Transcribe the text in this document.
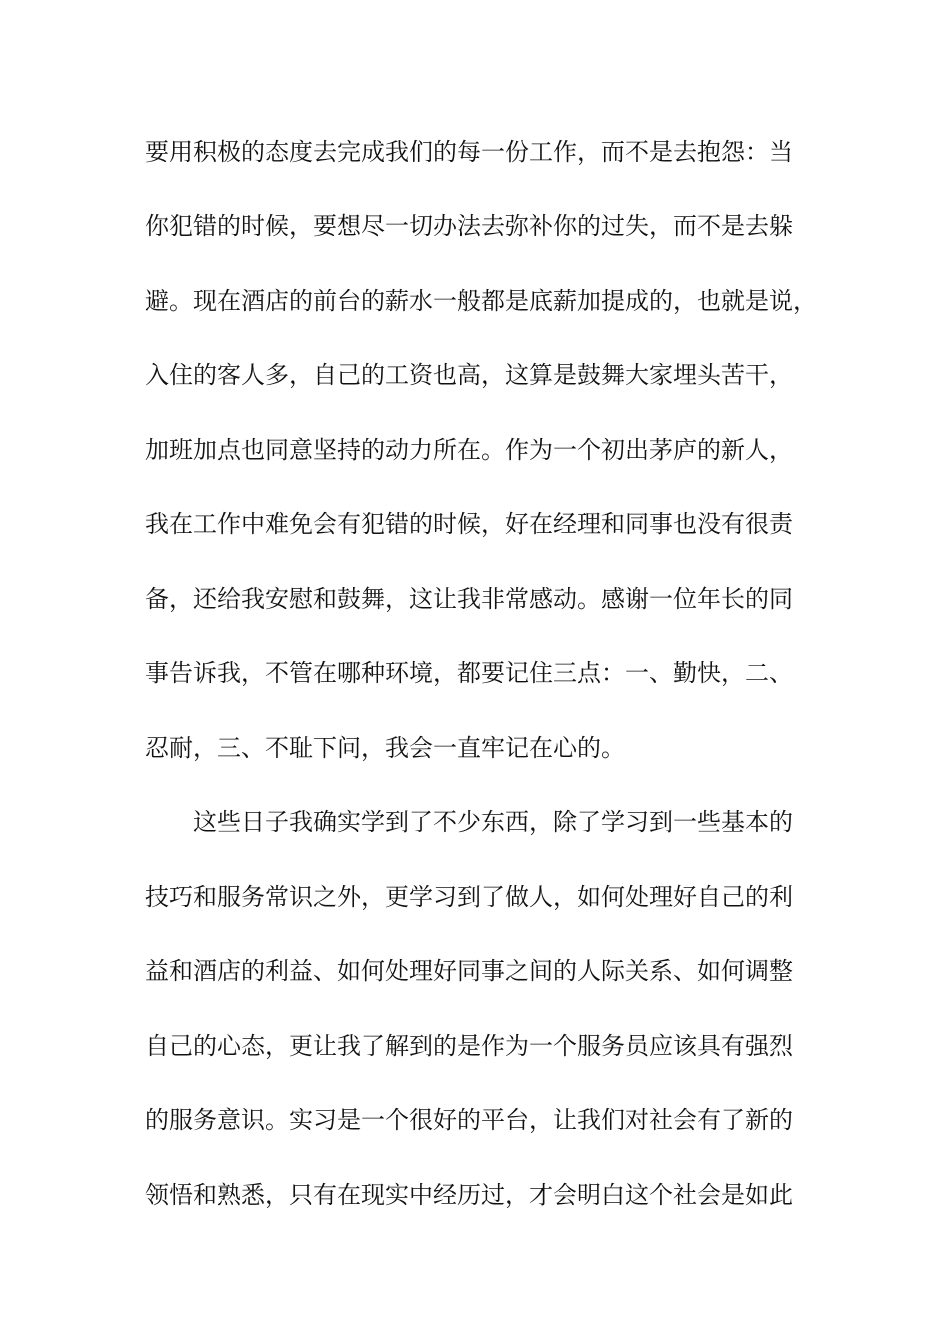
要用积极的态度去完成我们的每一份工作，而不是去抱怨：当
你犯错的时候，要想尽一切办法去弥补你的过失，而不是去躲
避。现在酒店的前台的薪水一般都是底薪加提成的，也就是说，
入住的客人多，自己的工资也高，这算是鼓舞大家埋头苦干，
加班加点也同意坚持的动力所在。作为一个初出茅庐的新人，
我在工作中难免会有犯错的时候，好在经理和同事也没有很责
备，还给我安慰和鼓舞，这让我非常感动。感谢一位年长的同
事告诉我，不管在哪种环境，都要记住三点：一、勤快，二、
忍耐，三、不耻下问，我会一直牢记在心的。
这些日子我确实学到了不少东西，除了学习到一些基本的
技巧和服务常识之外，更学习到了做人，如何处理好自己的利
益和酒店的利益、如何处理好同事之间的人际关系、如何调整
自己的心态，更让我了解到的是作为一个服务员应该具有强烈
的服务意识。实习是一个很好的平台，让我们对社会有了新的
领悟和熟悉，只有在现实中经历过，才会明白这个社会是如此
